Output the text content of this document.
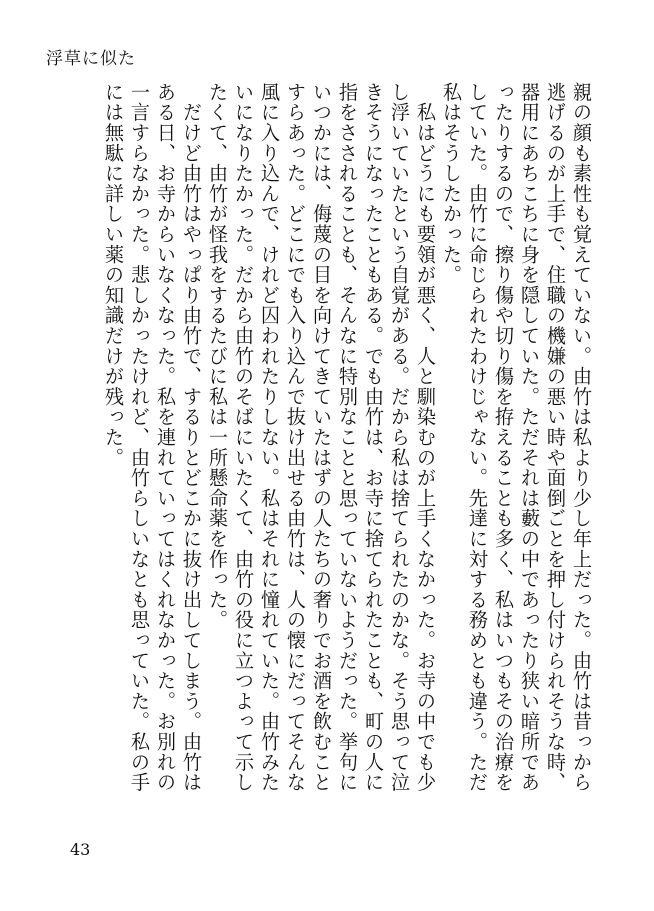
浮草に似た

親の顔も素性も覚えていない。由竹は私より少し年上だった。由竹は昔っから逃げるのが上手で、住職の機嫌の悪い時や面倒ごとを押し付けられそうな時、器用にあちこちに身を隠していた。ただそれは藪の中であったり狭い暗所であったりするので、擦り傷や切り傷を拵えることも多く、私はいつもその治療をしていた。由竹に命じられたわけじゃない。先達に対する務めとも違う。ただ私はそうしたかった。

　私はどうにも要領が悪く、人と馴染むのが上手くなかった。お寺の中でも少し浮いていたという自覚がある。だから私は捨てられたのかな。そう思って泣きそうになったこともある。でも由竹は、お寺に捨てられたことも、町の人に指をさされることも、そんなに特別なことと思っていないようだった。挙句にいつかには、侮蔑の目を向けてきていたはずの人たちの奢りでお酒を飲むことすらあった。どこにでも入り込んで抜け出せる由竹は、人の懐にだってそんな風に入り込んで、けれど囚われたりしない。私はそれに憧れていた。由竹みたいになりたかった。だから由竹のそばにいたくて、由竹の役に立つよって示したくて、由竹が怪我をするたびに私は一所懸命薬を作った。

　だけど由竹はやっぱり由竹で、するりとどこかに抜け出してしまう。由竹はある日、お寺からいなくなった。私を連れていってはくれなかった。お別れの一言すらなかった。悲しかったけれど、由竹らしいなとも思っていた。私の手には無駄に詳しい薬の知識だけが残った。

43
